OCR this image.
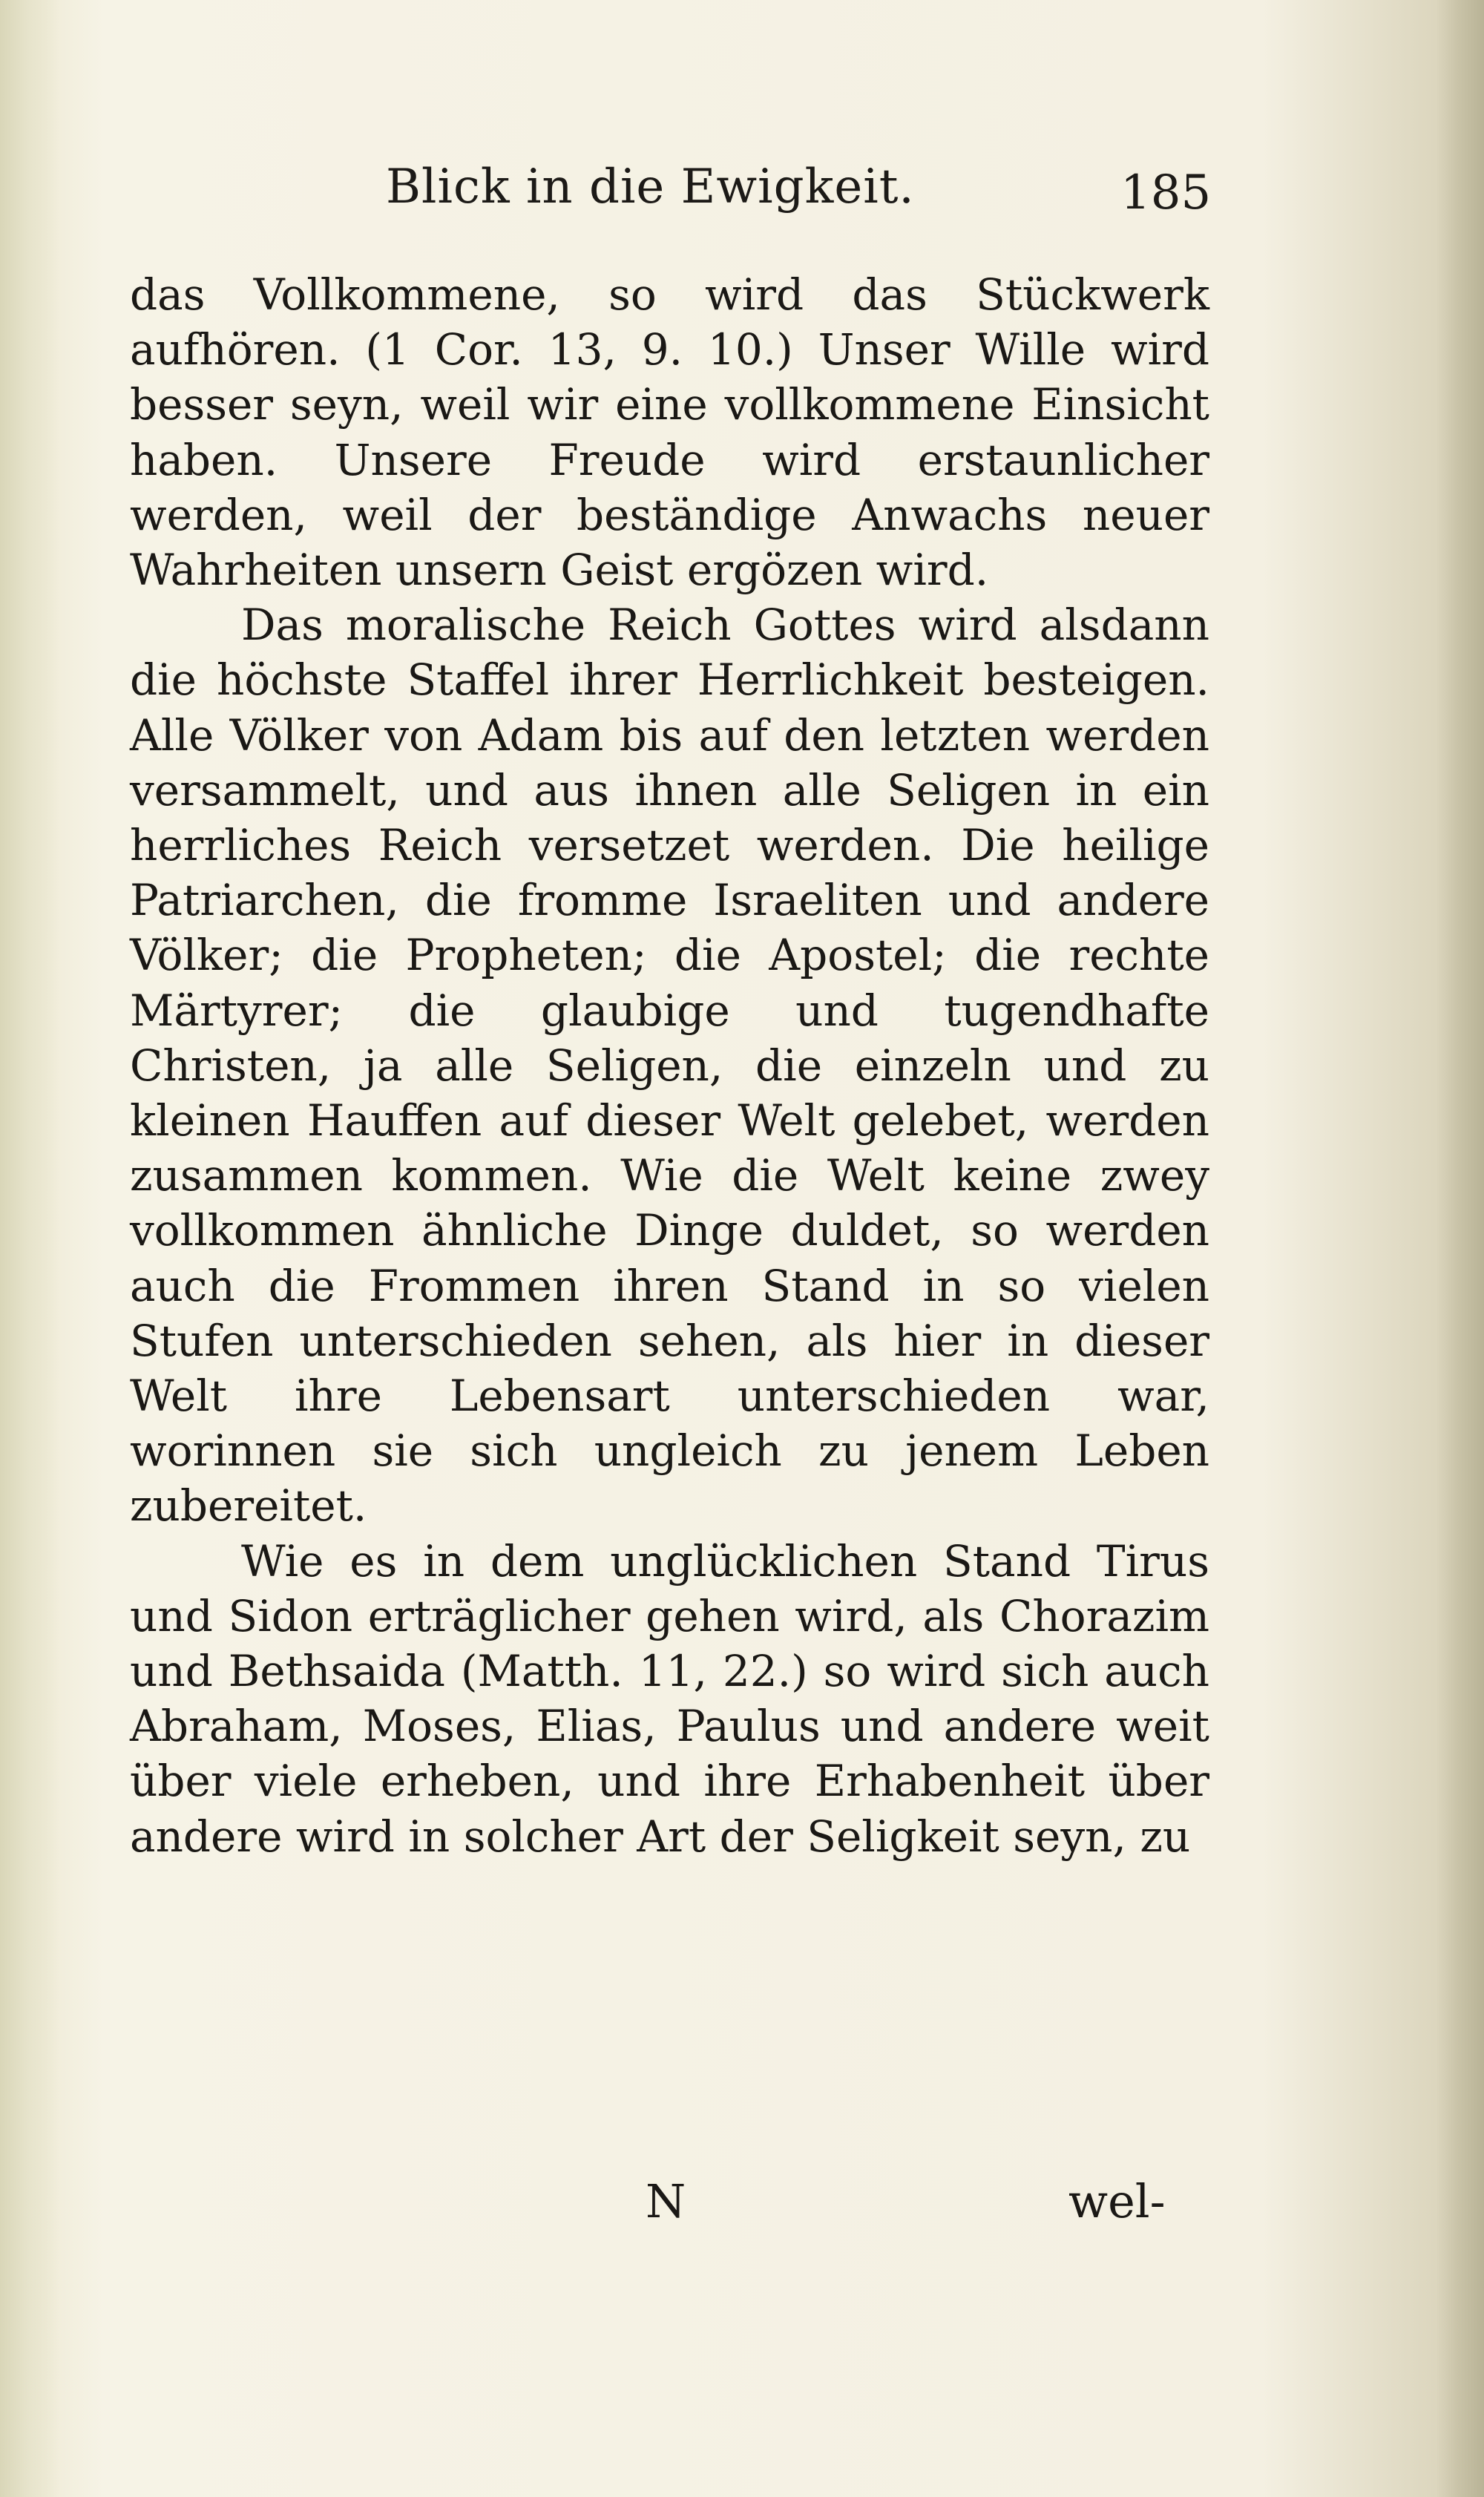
Blick in die Ewigkeit.	185

das Vollkommene, so wird das Stückwerk aufhören. (1 Cor. 13, 9. 10.) Unser Wille wird besser seyn, weil wir eine vollkommene Einsicht haben. Unsere Freude wird erstaunlicher werden, weil der beständige Anwachs neuer Wahrheiten unsern Geist ergözen wird.

Das moralische Reich Gottes wird alsdann die höchste Staffel ihrer Herrlichkeit besteigen. Alle Völker von Adam bis auf den letzten werden versammelt, und aus ihnen alle Seligen in ein herrliches Reich versetzet werden. Die heilige Patriarchen, die fromme Israeliten und andere Völker; die Propheten; die Apostel; die rechte Märtyrer; die glaubige und tugendhafte Christen, ja alle Seligen, die einzeln und zu kleinen Hauffen auf dieser Welt gelebet, werden zusammen kommen. Wie die Welt keine zwey vollkommen ähnliche Dinge duldet, so werden auch die Frommen ihren Stand in so vielen Stufen unterschieden sehen, als hier in dieser Welt ihre Lebensart unterschieden war, worinnen sie sich ungleich zu jenem Leben zubereitet.

Wie es in dem unglücklichen Stand Tirus und Sidon erträglicher gehen wird, als Chorazim und Bethsaida (Matth. 11, 22.) so wird sich auch Abraham, Moses, Elias, Paulus und andere weit über viele erheben, und ihre Erhabenheit über andere wird in solcher Art der Seligkeit seyn, zu

N	wel-
